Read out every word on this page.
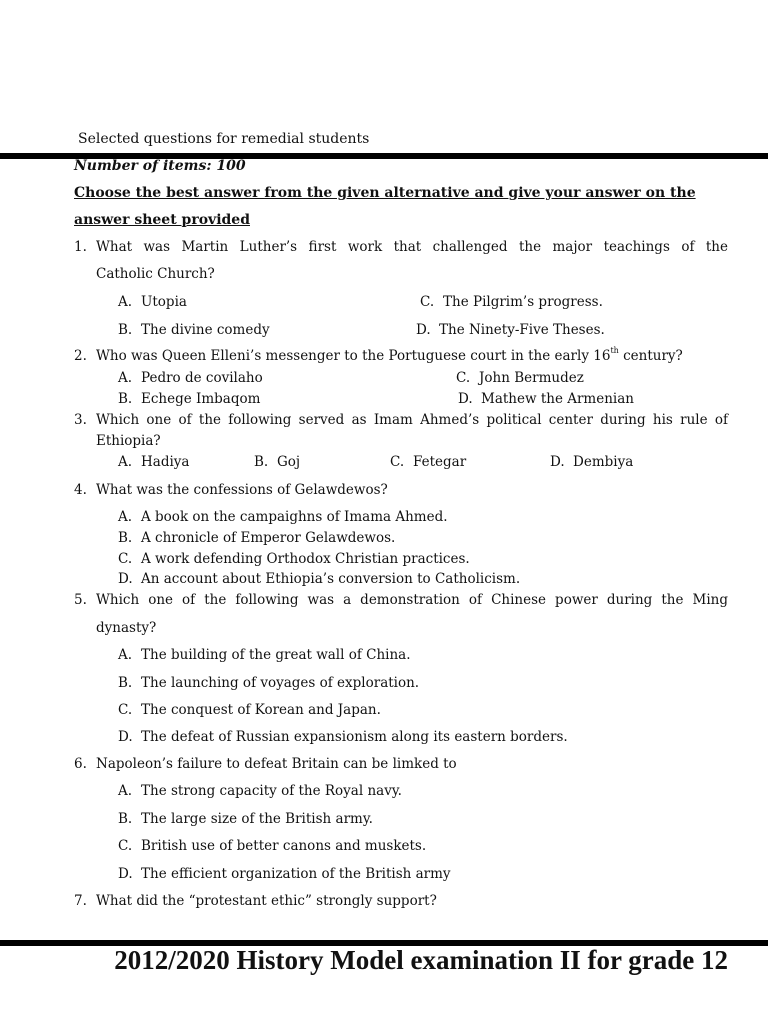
Selected questions for remedial students
Number of items: 100
Choose the best answer from the given alternative and give your answer on the
answer sheet provided
1. What was Martin Luther’s first work that challenged the major teachings of the
Catholic Church?
A. Utopia	C. The Pilgrim’s progress.
B. The divine comedy	D. The Ninety-Five Theses.
2. Who was Queen Elleni’s messenger to the Portuguese court in the early 16th century?
A. Pedro de covilaho	C. John Bermudez
B. Echege Imbaqom	D. Mathew the Armenian
3. Which one of the following served as Imam Ahmed’s political center during his rule of
Ethiopia?
A. Hadiya	B. Goj	C. Fetegar	D. Dembiya
4. What was the confessions of Gelawdewos?
A. A book on the campaighns of Imama Ahmed.
B. A chronicle of Emperor Gelawdewos.
C. A work defending Orthodox Christian practices.
D. An account about Ethiopia’s conversion to Catholicism.
5. Which one of the following was a demonstration of Chinese power during the Ming
dynasty?
A. The building of the great wall of China.
B. The launching of voyages of exploration.
C. The conquest of Korean and Japan.
D. The defeat of Russian expansionism along its eastern borders.
6. Napoleon’s failure to defeat Britain can be limked to
A. The strong capacity of the Royal navy.
B. The large size of the British army.
C. British use of better canons and muskets.
D. The efficient organization of the British army
7. What did the “protestant ethic” strongly support?
2012/2020 History Model examination II for grade 12
